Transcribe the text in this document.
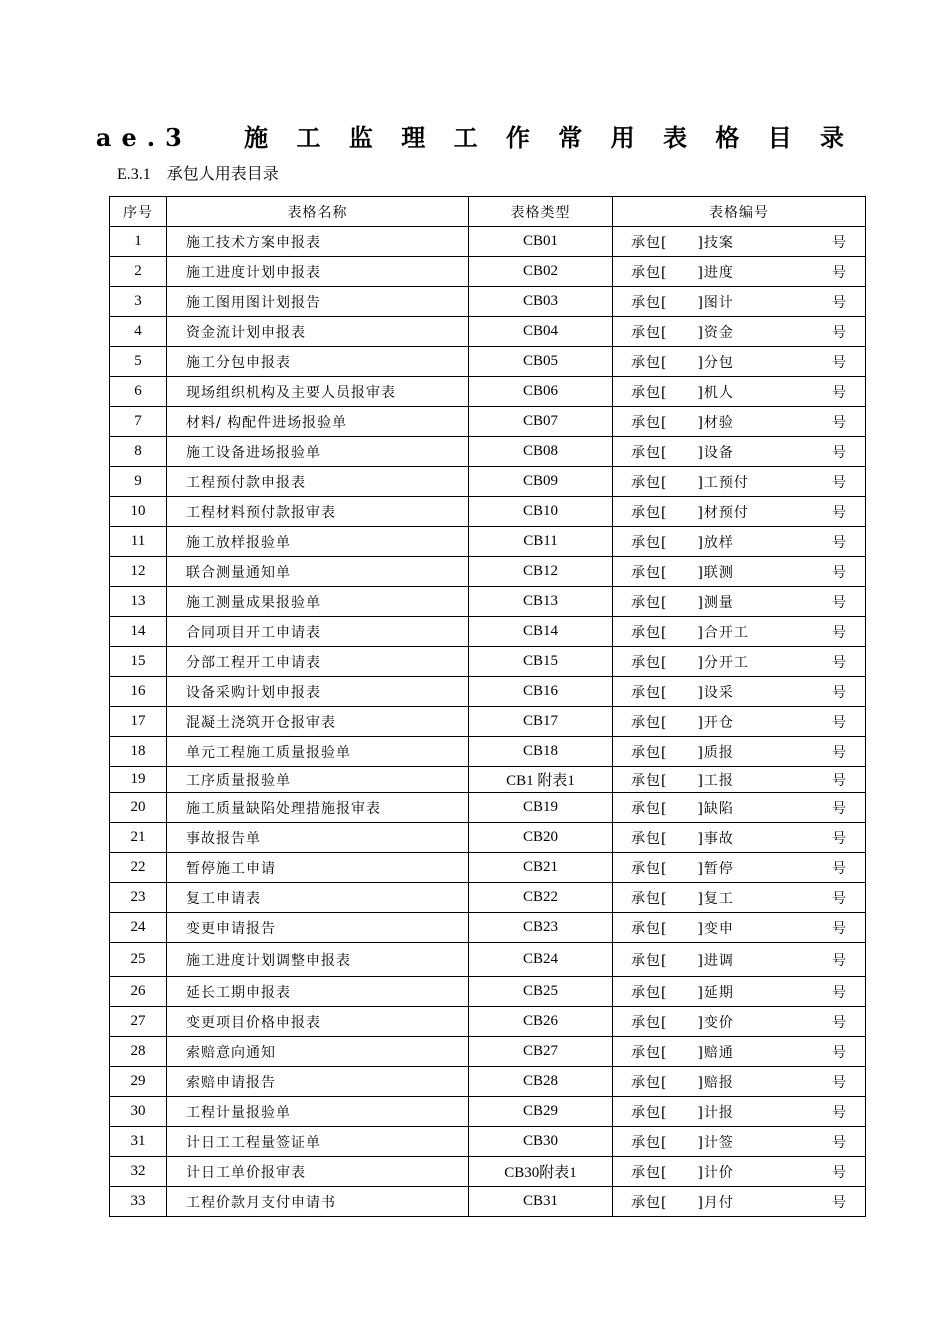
ae.3　 施 工 监 理 工 作 常 用 表 格 目 录
E.3.1　承包人用表目录
序号	表格名称	表格类型	表格编号
1	施工技术方案申报表	CB01	承包[　　]技案 号

2	施工进度计划申报表	CB02	承包[　　]进度 号

3	施工图用图计划报告	CB03	承包[　　]图计 号

4	资金流计划申报表	CB04	承包[　　]资金 号

5	施工分包申报表	CB05	承包[　　]分包 号

6	现场组织机构及主要人员报审表	CB06	承包[　　]机人 号

7	材料/ 构配件进场报验单	CB07	承包[　　]材验 号

8	施工设备进场报验单	CB08	承包[　　]设备 号

9	工程预付款申报表	CB09	承包[　　]工预付 号

10	工程材料预付款报审表	CB10	承包[　　]材预付 号

11	施工放样报验单	CB11	承包[　　]放样 号

12	联合测量通知单	CB12	承包[　　]联测 号

13	施工测量成果报验单	CB13	承包[　　]测量 号

14	合同项目开工申请表	CB14	承包[　　]合开工 号

15	分部工程开工申请表	CB15	承包[　　]分开工 号

16	设备采购计划申报表	CB16	承包[　　]设采 号

17	混凝土浇筑开仓报审表	CB17	承包[　　]开仓 号

18	单元工程施工质量报验单	CB18	承包[　　]质报 号

19	工序质量报验单	CB1 附表1	承包[　　]工报 号

20	施工质量缺陷处理措施报审表	CB19	承包[　　]缺陷 号

21	事故报告单	CB20	承包[　　]事故 号

22	暂停施工申请	CB21	承包[　　]暂停 号

23	复工申请表	CB22	承包[　　]复工 号

24	变更申请报告	CB23	承包[　　]变申 号

25	施工进度计划调整申报表	CB24	承包[　　]进调 号

26	延长工期申报表	CB25	承包[　　]延期 号

27	变更项目价格申报表	CB26	承包[　　]变价 号

28	索赔意向通知	CB27	承包[　　]赔通 号

29	索赔申请报告	CB28	承包[　　]赔报 号

30	工程计量报验单	CB29	承包[　　]计报 号

31	计日工工程量签证单	CB30	承包[　　]计签 号

32	计日工单价报审表	CB30附表1	承包[　　]计价 号

33	工程价款月支付申请书	CB31	承包[　　]月付 号
